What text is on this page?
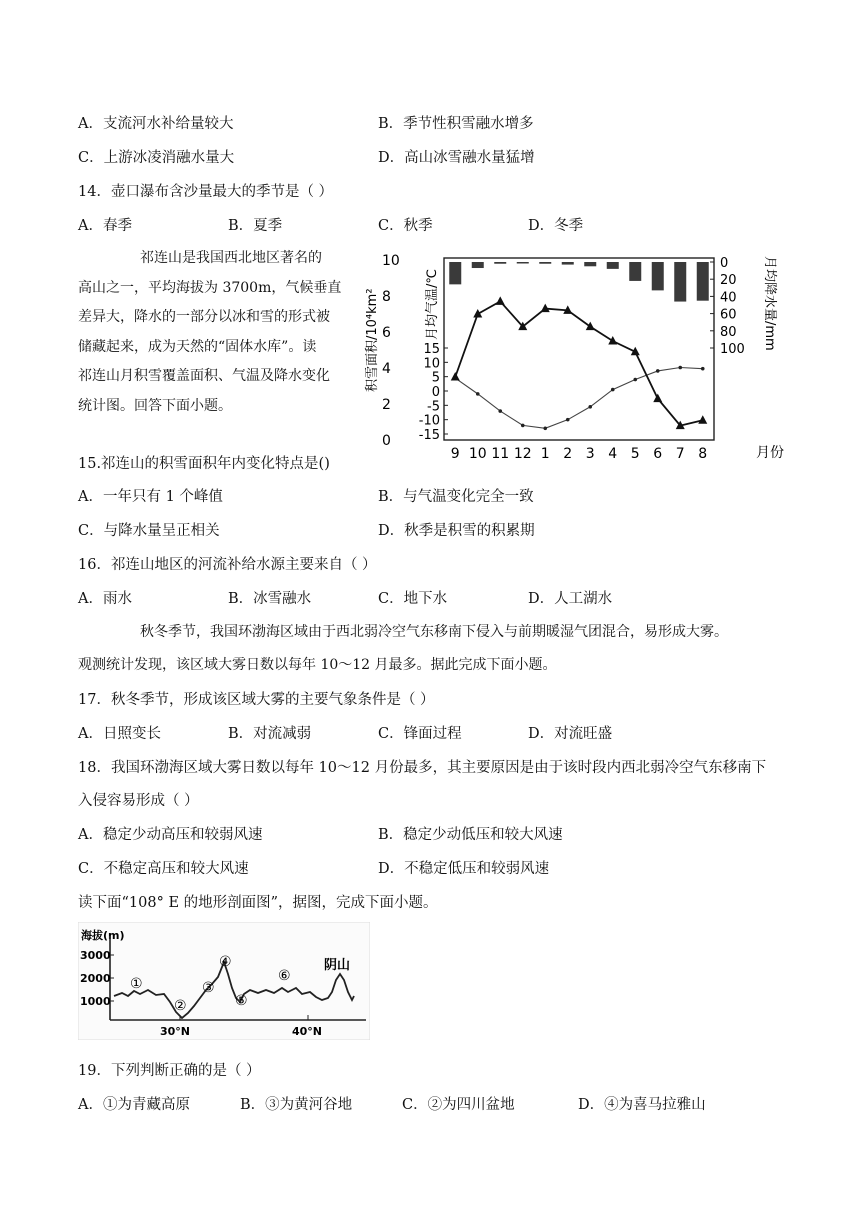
A．支流河水补给量较大	B．季节性积雪融水增多
C．上游冰凌消融水量大	D．高山冰雪融水量猛增
14．壶口瀑布含沙量最大的季节是（ ）
A．春季	B．夏季	C．秋季	D．冬季
祁连山是我国西北地区著名的
高山之一，平均海拔为 3700m，气候垂直
差异大，降水的一部分以冰和雪的形式被
储藏起来，成为天然的“固体水库”。读
祁连山月积雪覆盖面积、气温及降水变化
统计图。回答下面小题。
积雪面积/10⁴km²	月均气温/℃	月均降水量/mm
月份
10
8
6
4
2
0
15
10
5
0
-5
-10
-15
0
20
40
60
80
100
9 10 11 12 1 2 3 4 5 6 7 8
15.祁连山的积雪面积年内变化特点是()
A．一年只有 1 个峰值	B．与气温变化完全一致
C．与降水量呈正相关	D．秋季是积雪的积累期
16．祁连山地区的河流补给水源主要来自（ ）
A．雨水	B．冰雪融水	C．地下水	D．人工湖水
秋冬季节，我国环渤海区域由于西北弱冷空气东移南下侵入与前期暖湿气团混合，易形成大雾。
观测统计发现，该区域大雾日数以每年 10～12 月最多。据此完成下面小题。
17．秋冬季节，形成该区域大雾的主要气象条件是（ ）
A．日照变长	B．对流减弱	C．锋面过程	D．对流旺盛
18．我国环渤海区域大雾日数以每年 10～12 月份最多，其主要原因是由于该时段内西北弱冷空气东移南下
入侵容易形成（ ）
A．稳定少动高压和较弱风速	B．稳定少动低压和较大风速
C．不稳定高压和较大风速	D．不稳定低压和较弱风速
读下面“108° E 的地形剖面图”，据图，完成下面小题。
海拔(m)
3000
2000
1000
30°N	40°N
①
②
③
④
⑤
⑥
阴山
19．下列判断正确的是（ ）
A．①为青藏高原	B．③为黄河谷地	C．②为四川盆地	D．④为喜马拉雅山
